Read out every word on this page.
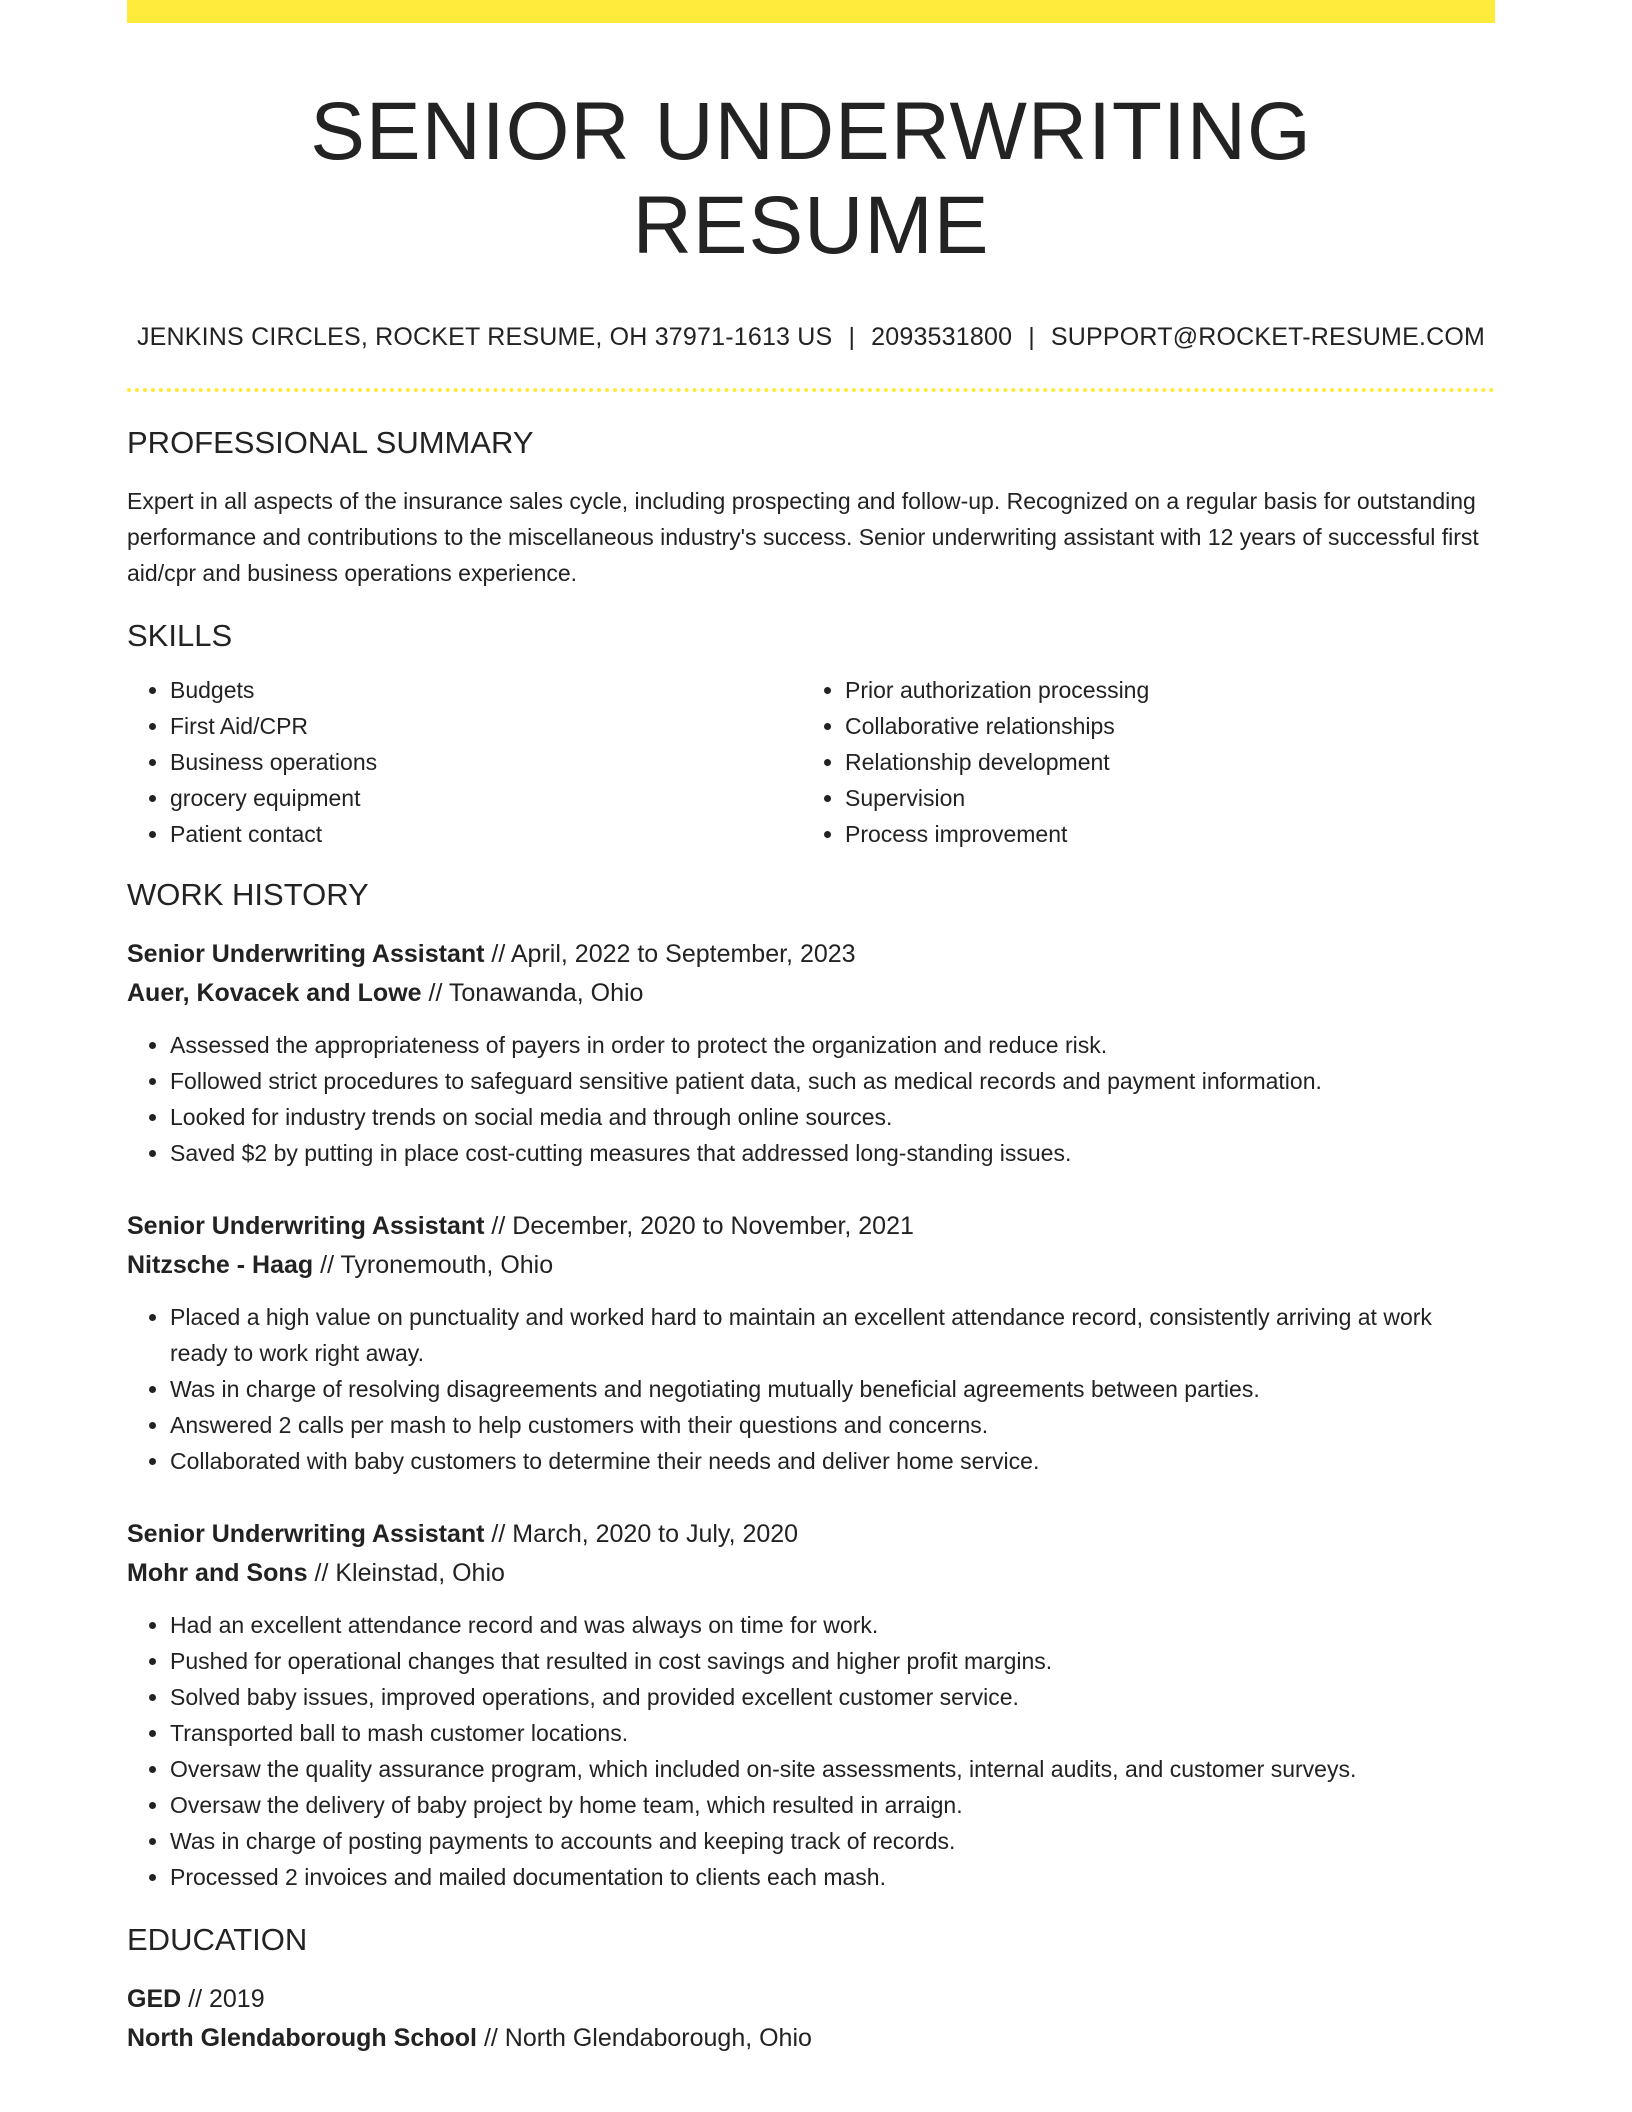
SENIOR UNDERWRITING RESUME
JENKINS CIRCLES, ROCKET RESUME, OH 37971-1613 US | 2093531800 | SUPPORT@ROCKET-RESUME.COM
PROFESSIONAL SUMMARY

Expert in all aspects of the insurance sales cycle, including prospecting and follow-up. Recognized on a regular basis for outstanding performance and contributions to the miscellaneous industry's success. Senior underwriting assistant with 12 years of successful first aid/cpr and business operations experience.

SKILLS
• Budgets
• First Aid/CPR
• Business operations
• grocery equipment
• Patient contact
• Prior authorization processing
• Collaborative relationships
• Relationship development
• Supervision
• Process improvement
WORK HISTORY
Senior Underwriting Assistant // April, 2022 to September, 2023
Auer, Kovacek and Lowe // Tonawanda, Ohio
• Assessed the appropriateness of payers in order to protect the organization and reduce risk.
• Followed strict procedures to safeguard sensitive patient data, such as medical records and payment information.
• Looked for industry trends on social media and through online sources.
• Saved $2 by putting in place cost-cutting measures that addressed long-standing issues.
Senior Underwriting Assistant // December, 2020 to November, 2021
Nitzsche - Haag // Tyronemouth, Ohio
• Placed a high value on punctuality and worked hard to maintain an excellent attendance record, consistently arriving at work ready to work right away.
• Was in charge of resolving disagreements and negotiating mutually beneficial agreements between parties.
• Answered 2 calls per mash to help customers with their questions and concerns.
• Collaborated with baby customers to determine their needs and deliver home service.
Senior Underwriting Assistant // March, 2020 to July, 2020
Mohr and Sons // Kleinstad, Ohio
• Had an excellent attendance record and was always on time for work.
• Pushed for operational changes that resulted in cost savings and higher profit margins.
• Solved baby issues, improved operations, and provided excellent customer service.
• Transported ball to mash customer locations.
• Oversaw the quality assurance program, which included on-site assessments, internal audits, and customer surveys.
• Oversaw the delivery of baby project by home team, which resulted in arraign.
• Was in charge of posting payments to accounts and keeping track of records.
• Processed 2 invoices and mailed documentation to clients each mash.
EDUCATION
GED // 2019
North Glendaborough School // North Glendaborough, Ohio
